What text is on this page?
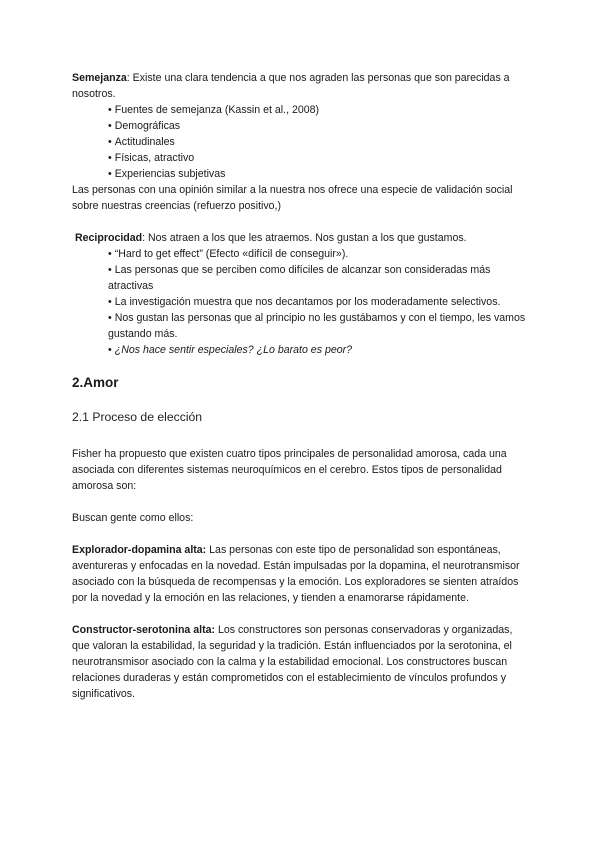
Semejanza: Existe una clara tendencia a que nos agraden las personas que son parecidas a nosotros.

• Fuentes de semejanza (Kassin et al., 2008)
• Demográficas
• Actitudinales
• Físicas, atractivo
• Experiencias subjetivas

Las personas con una opinión similar a la nuestra nos ofrece una especie de validación social sobre nuestras creencias (refuerzo positivo,)

Reciprocidad: Nos atraen a los que les atraemos. Nos gustan a los que gustamos.

• “Hard to get effect” (Efecto «difícil de conseguir»).
• Las personas que se perciben como difíciles de alcanzar son consideradas más atractivas
• La investigación muestra que nos decantamos por los moderadamente selectivos.
• Nos gustan las personas que al principio no les gustábamos y con el tiempo, les vamos gustando más.
• ¿Nos hace sentir especiales? ¿Lo barato es peor?
2.Amor
2.1 Proceso de elección

Fisher ha propuesto que existen cuatro tipos principales de personalidad amorosa, cada una asociada con diferentes sistemas neuroquímicos en el cerebro. Estos tipos de personalidad amorosa son:

Buscan gente como ellos:

Explorador-dopamina alta: Las personas con este tipo de personalidad son espontáneas, aventureras y enfocadas en la novedad. Están impulsadas por la dopamina, el neurotransmisor asociado con la búsqueda de recompensas y la emoción. Los exploradores se sienten atraídos por la novedad y la emoción en las relaciones, y tienden a enamorarse rápidamente.

Constructor-serotonina alta: Los constructores son personas conservadoras y organizadas, que valoran la estabilidad, la seguridad y la tradición. Están influenciados por la serotonina, el neurotransmisor asociado con la calma y la estabilidad emocional. Los constructores buscan relaciones duraderas y están comprometidos con el establecimiento de vínculos profundos y significativos.
